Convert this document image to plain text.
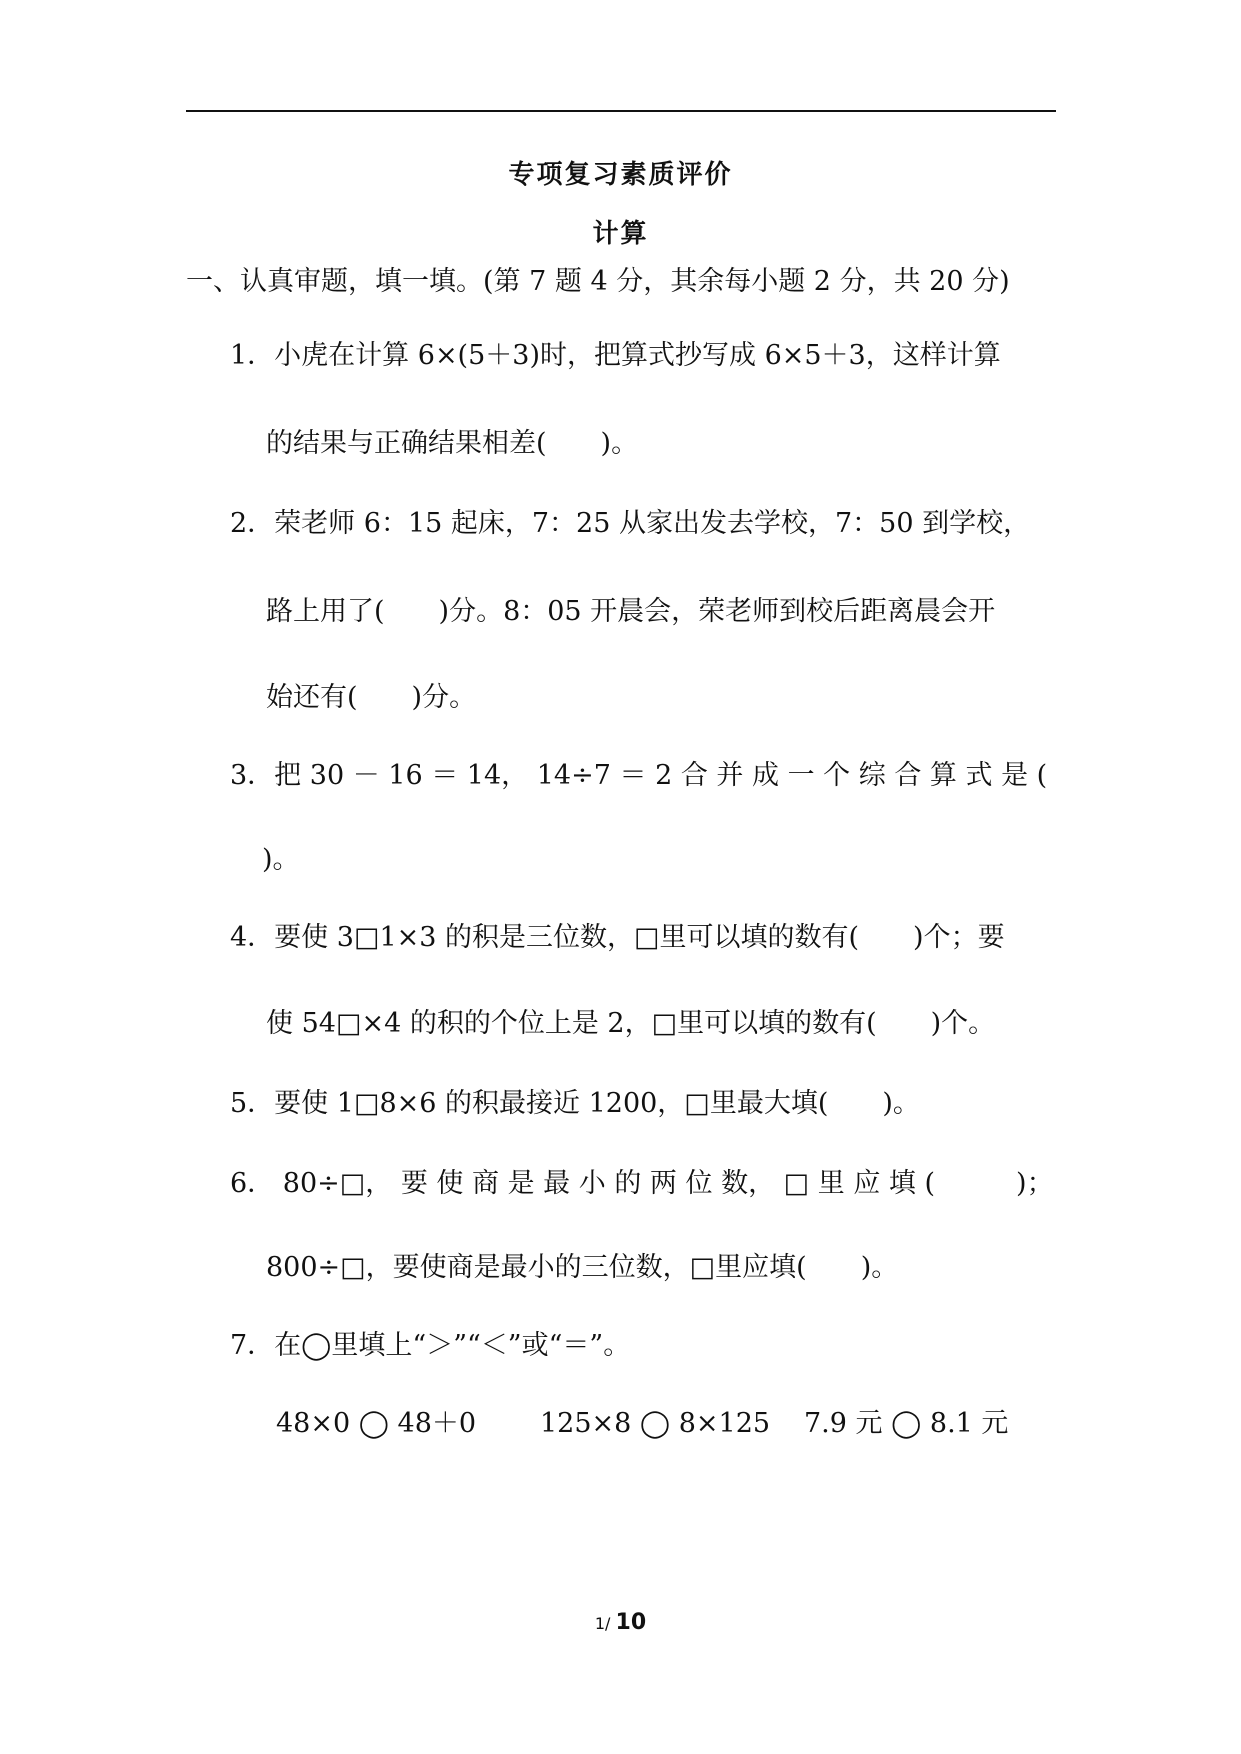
专项复习素质评价
计算
一、认真审题，填一填。(第 7 题 4 分，其余每小题 2 分，共 20 分)
1．小虎在计算 6×(5＋3)时，把算式抄写成 6×5＋3，这样计算
的结果与正确结果相差(　　)。
2．荣老师 6：15 起床，7：25 从家出发去学校，7：50 到学校，
路上用了(　　)分。8：05 开晨会，荣老师到校后距离晨会开
始还有(　　)分。
3．把 30 － 16 ＝ 14， 14÷7 ＝ 2 合 并 成 一 个 综 合 算 式 是 (
)。
4．要使 3□1×3 的积是三位数，□里可以填的数有(　　)个；要
使 54□×4 的积的个位上是 2，□里可以填的数有(　　)个。
5．要使 1□8×6 的积最接近 1200，□里最大填(　　)。
6． 80÷□， 要 使 商 是 最 小 的 两 位 数， □ 里 应 填 (　　　)；
800÷□，要使商是最小的三位数，□里应填(　　)。
7．在◯里填上“＞”“＜”或“＝”。
48×0 ◯ 48＋0 125×8 ◯ 8×125 7.9 元 ◯ 8.1 元
1/ 10
